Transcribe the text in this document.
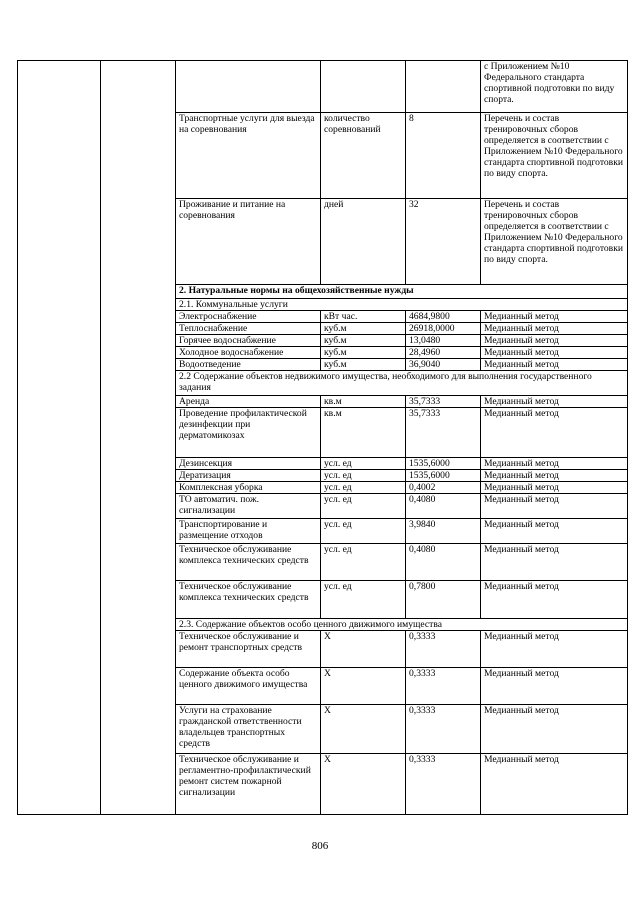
					с Приложением №10 Федерального стандарта спортивной подготовки по виду спорта.
		Транспортные услуги для выезда на соревнования	количество соревнований	8	Перечень и состав тренировочных сборов определяется в соответствии с Приложением №10 Федерального стандарта спортивной подготовки по виду спорта.
		Проживание и питание на соревнования	дней	32	Перечень и состав тренировочных сборов определяется в соответствии с Приложением №10 Федерального стандарта спортивной подготовки по виду спорта.
		2. Натуральные нормы на общехозяйственные нужды			
		2.1. Коммунальные услуги			
		Электроснабжение	кВт час.	4684,9800	Медианный метод
		Теплоснабжение	куб.м	26918,0000	Медианный метод
		Горячее водоснабжение	куб.м	13,0480	Медианный метод
		Холодное водоснабжение	куб.м	28,4960	Медианный метод
		Водоотведение	куб.м	36,9040	Медианный метод
		2.2 Содержание объектов недвижимого имущества, необходимого для выполнения государственного задания			
		Аренда	кв.м	35,7333	Медианный метод
		Проведение профилактической дезинфекции при дерматомикозах	кв.м	35,7333	Медианный метод
		Дезинсекция	усл. ед	1535,6000	Медианный метод
		Дератизация	усл. ед	1535,6000	Медианный метод
		Комплексная уборка	усл. ед	0,4002	Медианный метод
		ТО автоматич. пож. сигнализации	усл. ед	0,4080	Медианный метод
		Транспортирование и размещение отходов	усл. ед	3,9840	Медианный метод
		Техническое обслуживание комплекса технических средств	усл. ед	0,4080	Медианный метод
		Техническое обслуживание комплекса технических средств	усл. ед	0,7800	Медианный метод
		2.3. Содержание объектов особо ценного движимого имущества			
		Техническое обслуживание и ремонт транспортных средств	Х	0,3333	Медианный метод
		Содержание объекта особо ценного движимого имущества	Х	0,3333	Медианный метод
		Услуги на страхование гражданской ответственности владельцев транспортных средств	Х	0,3333	Медианный метод
		Техническое обслуживание и регламентно-профилактический ремонт систем пожарной сигнализации	Х	0,3333	Медианный метод
806
